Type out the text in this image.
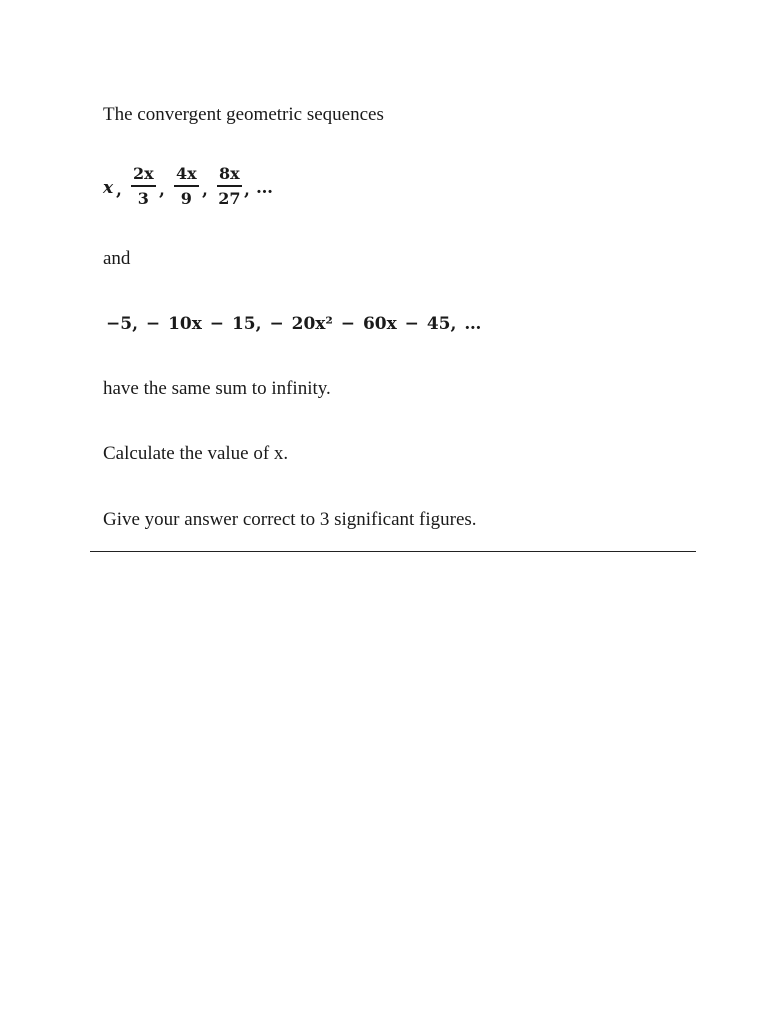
The convergent geometric sequences
x ,
2x
3 ,
4x
9 ,
8x
27 , …
and
−5, − 10x − 15, − 20x² − 60x − 45, …
have the same sum to infinity.
Calculate the value of x.
Give your answer correct to 3 significant figures.
